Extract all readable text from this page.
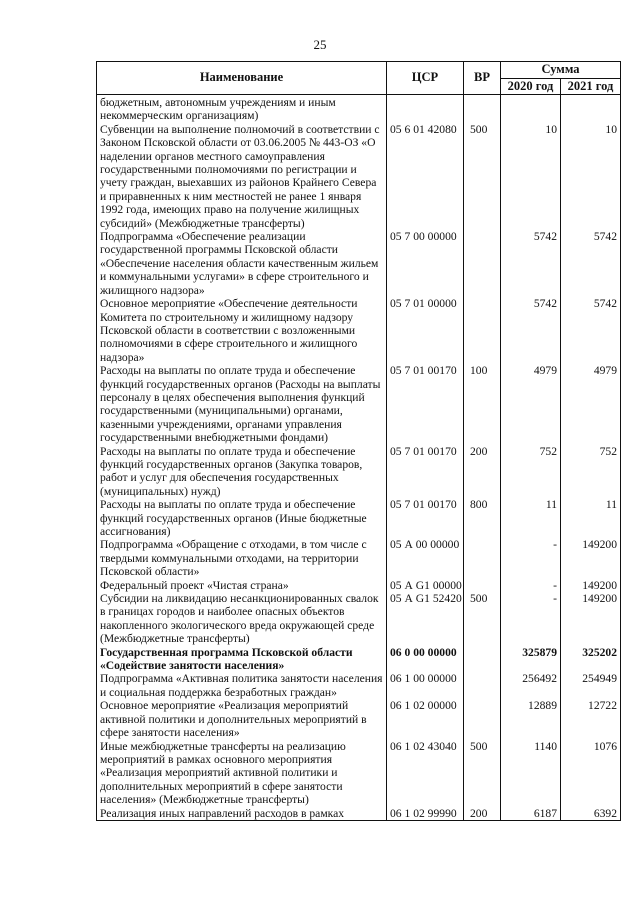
25
Наименование	ЦСР	ВР	Сумма	
			2020 год	2021 год
бюджетным, автономным учреждениям и иным некоммерческим организациям)				
Субвенции на выполнение полномочий в соответствии с Законом Псковской области от 03.06.2005 № 443-ОЗ «О наделении органов местного самоуправления государственными полномочиями по регистрации и учету граждан, выехавших из районов Крайнего Севера и приравненных к ним местностей не ранее 1 января 1992 года, имеющих право на получение жилищных субсидий» (Межбюджетные трансферты)	05 6 01 42080	500	10	10
Подпрограмма «Обеспечение реализации государственной программы Псковской области «Обеспечение населения области качественным жильем и коммунальными услугами» в сфере строительного и жилищного надзора»	05 7 00 00000		5742	5742
Основное мероприятие «Обеспечение деятельности Комитета по строительному и жилищному надзору Псковской области в соответствии с возложенными полномочиями в сфере строительного и жилищного надзора»	05 7 01 00000		5742	5742
Расходы на выплаты по оплате труда и обеспечение функций государственных органов (Расходы на выплаты персоналу в целях обеспечения выполнения функций государственными (муниципальными) органами, казенными учреждениями, органами управления государственными внебюджетными фондами)	05 7 01 00170	100	4979	4979
Расходы на выплаты по оплате труда и обеспечение функций государственных органов (Закупка товаров, работ и услуг для обеспечения государственных (муниципальных) нужд)	05 7 01 00170	200	752	752
Расходы на выплаты по оплате труда и обеспечение функций государственных органов (Иные бюджетные ассигнования)	05 7 01 00170	800	11	11
Подпрограмма «Обращение с отходами, в том числе с твердыми коммунальными отходами, на территории Псковской области»	05 А 00 00000		-	149200
Федеральный проект «Чистая страна»	05 А G1 00000		-	149200
Субсидии на ликвидацию несанкционированных свалок в границах городов и наиболее опасных объектов накопленного экологического вреда окружающей среде (Межбюджетные трансферты)	05 А G1 52420	500	-	149200
Государственная программа Псковской области «Содействие занятости населения»	06 0 00 00000		325879	325202
Подпрограмма «Активная политика занятости населения и социальная поддержка безработных граждан»	06 1 00 00000		256492	254949
Основное мероприятие «Реализация мероприятий активной политики и дополнительных мероприятий в сфере занятости населения»	06 1 02 00000		12889	12722
Иные межбюджетные трансферты на реализацию мероприятий в рамках основного мероприятия «Реализация мероприятий активной политики и дополнительных мероприятий в сфере занятости населения» (Межбюджетные трансферты)	06 1 02 43040	500	1140	1076
Реализация иных направлений расходов в рамках	06 1 02 99990	200	6187	6392
